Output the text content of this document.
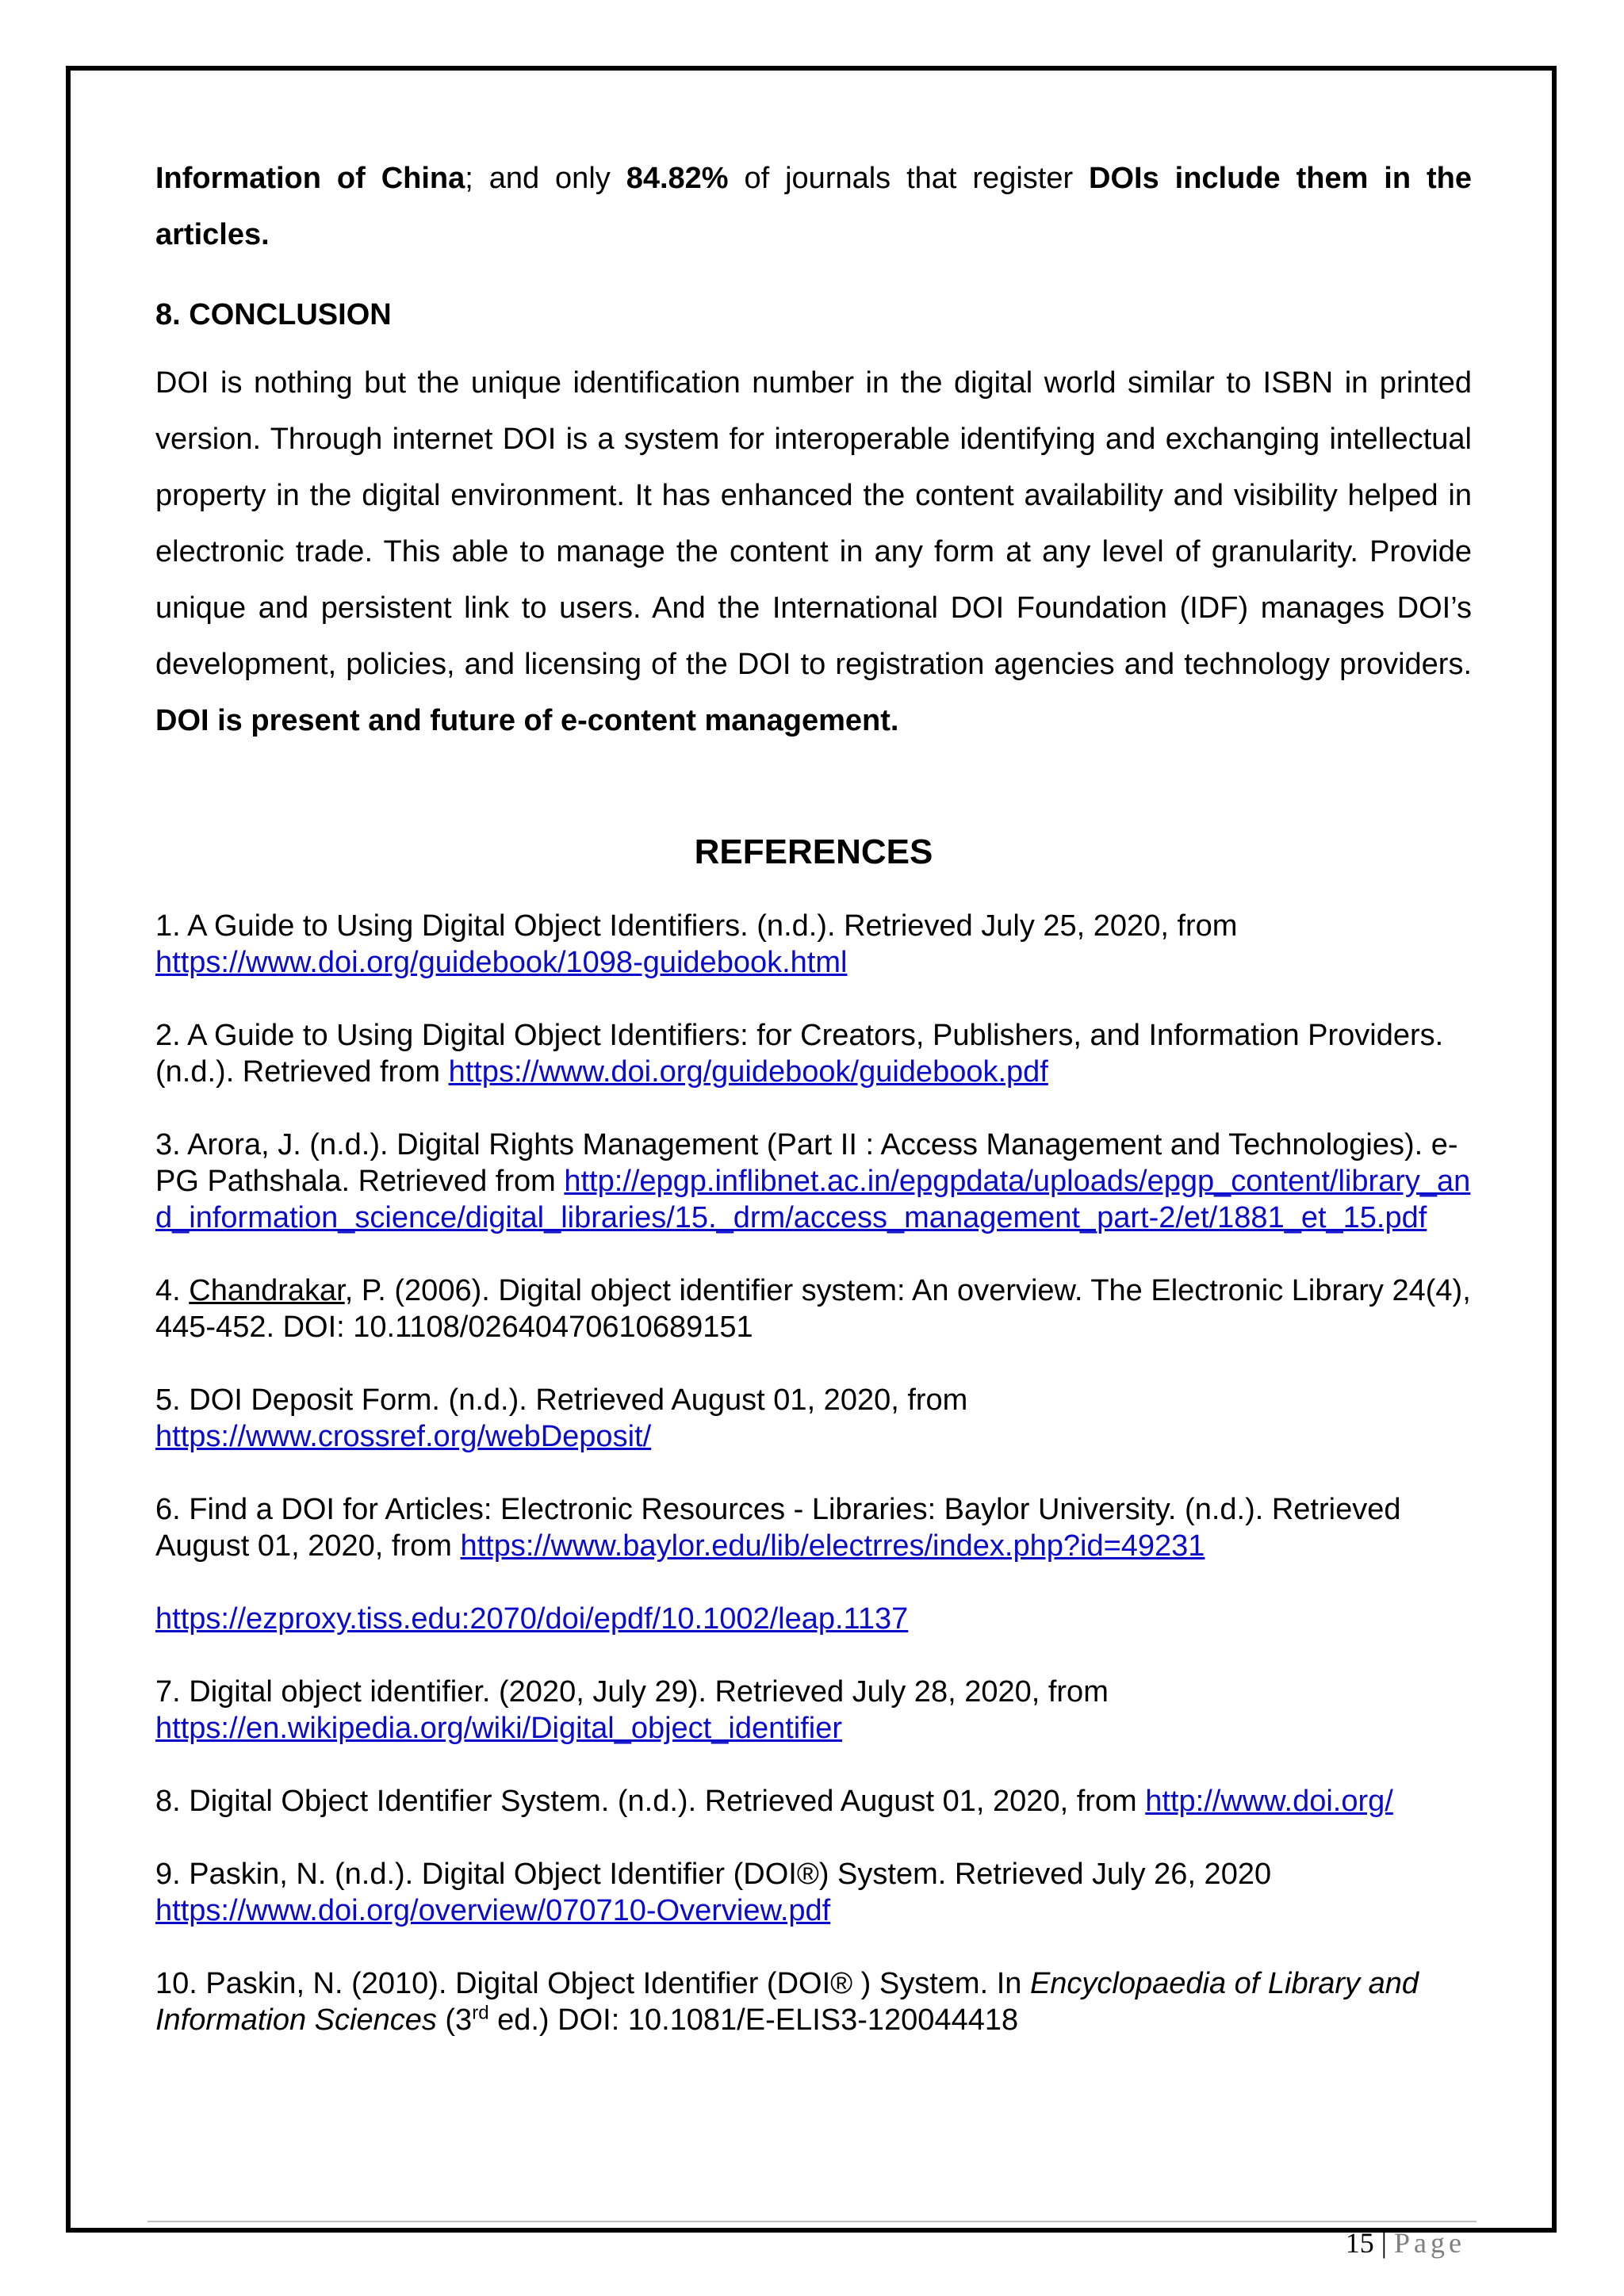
Information of China; and only 84.82% of journals that register DOIs include them in the articles.

8. CONCLUSION

DOI is nothing but the unique identification number in the digital world similar to ISBN in printed version. Through internet DOI is a system for interoperable identifying and exchanging intellectual property in the digital environment. It has enhanced the content availability and visibility helped in electronic trade. This able to manage the content in any form at any level of granularity. Provide unique and persistent link to users. And the International DOI Foundation (IDF) manages DOI’s development, policies, and licensing of the DOI to registration agencies and technology providers. DOI is present and future of e-content management.

REFERENCES

1. A Guide to Using Digital Object Identifiers. (n.d.). Retrieved July 25, 2020, from https://www.doi.org/guidebook/1098-guidebook.html

2. A Guide to Using Digital Object Identifiers: for Creators, Publishers, and Information Providers. (n.d.). Retrieved from https://www.doi.org/guidebook/guidebook.pdf

3. Arora, J. (n.d.). Digital Rights Management (Part II : Access Management and Technologies). e-PG Pathshala. Retrieved from http://epgp.inflibnet.ac.in/epgpdata/uploads/epgp_content/library_and_information_science/digital_libraries/15._drm/access_management_part-2/et/1881_et_15.pdf

4. Chandrakar, P. (2006). Digital object identifier system: An overview. The Electronic Library 24(4), 445-452. DOI: 10.1108/02640470610689151

5. DOI Deposit Form. (n.d.). Retrieved August 01, 2020, from https://www.crossref.org/webDeposit/

6. Find a DOI for Articles: Electronic Resources - Libraries: Baylor University. (n.d.). Retrieved August 01, 2020, from https://www.baylor.edu/lib/electrres/index.php?id=49231

https://ezproxy.tiss.edu:2070/doi/epdf/10.1002/leap.1137

7. Digital object identifier. (2020, July 29). Retrieved July 28, 2020, from https://en.wikipedia.org/wiki/Digital_object_identifier

8. Digital Object Identifier System. (n.d.). Retrieved August 01, 2020, from http://www.doi.org/

9. Paskin, N. (n.d.). Digital Object Identifier (DOI®) System. Retrieved July 26, 2020 https://www.doi.org/overview/070710-Overview.pdf

10. Paskin, N. (2010). Digital Object Identifier (DOI® ) System. In Encyclopaedia of Library and Information Sciences (3rd ed.) DOI: 10.1081/E-ELIS3-120044418

15 | Page
